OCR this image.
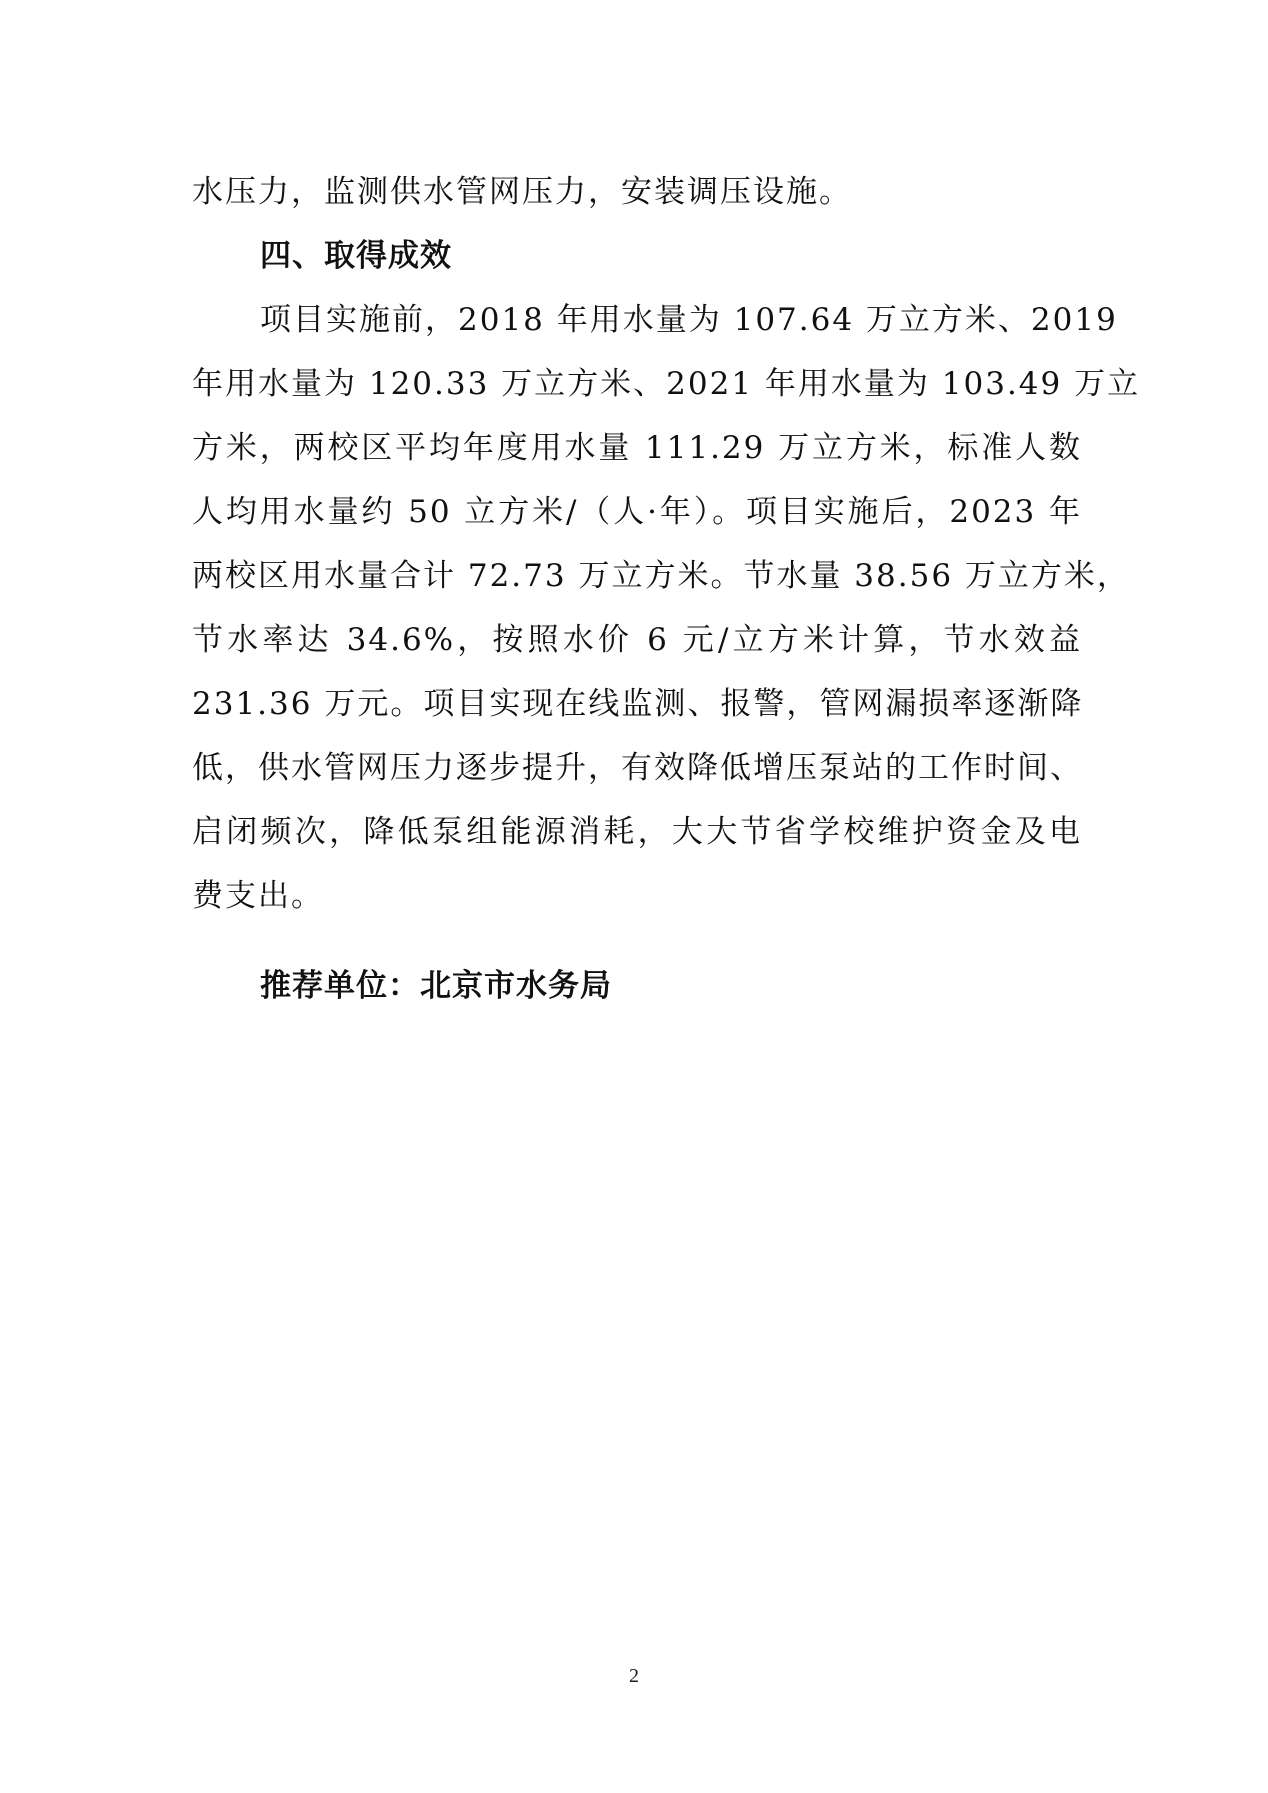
水压力，监测供水管网压力，安装调压设施。
四、取得成效
项目实施前，2018 年用水量为 107.64 万立方米、2019
年用水量为 120.33 万立方米、2021 年用水量为 103.49 万立
方米，两校区平均年度用水量 111.29 万立方米，标准人数
人均用水量约 50 立方米/（人·年）。项目实施后，2023 年
两校区用水量合计 72.73 万立方米。节水量 38.56 万立方米，
节水率达 34.6%，按照水价 6 元/立方米计算，节水效益
231.36 万元。项目实现在线监测、报警，管网漏损率逐渐降
低，供水管网压力逐步提升，有效降低增压泵站的工作时间、
启闭频次，降低泵组能源消耗，大大节省学校维护资金及电
费支出。
推荐单位：北京市水务局
2
